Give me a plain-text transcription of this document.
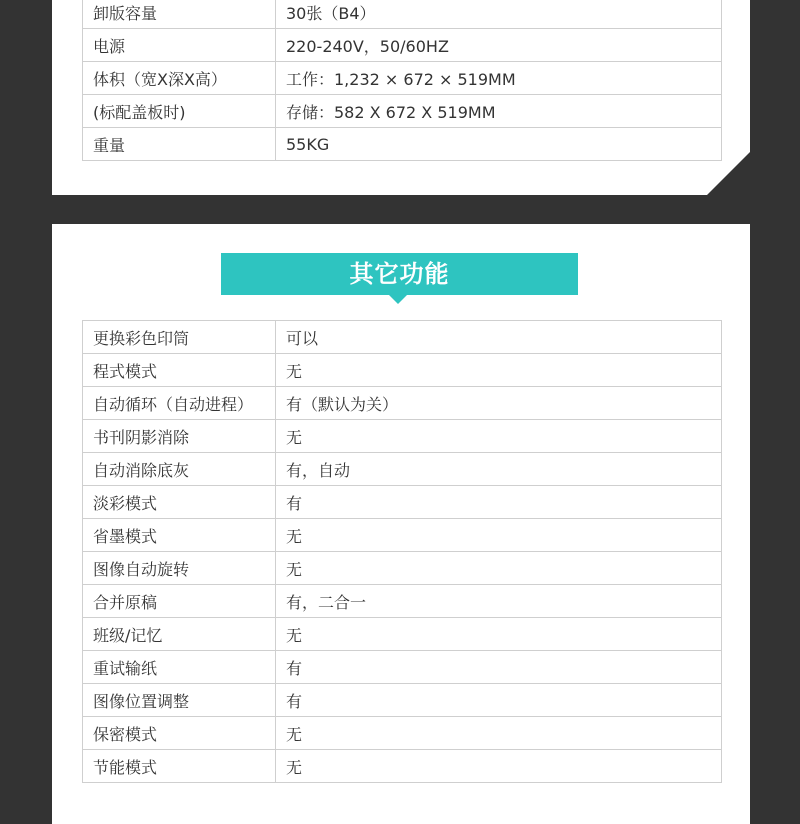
卸版容量	30张（B4）
电源	220-240V，50/60HZ
体积（宽X深X高）	工作：1,232 × 672 × 519MM
(标配盖板时)	存储：582 X 672 X 519MM
重量	55KG
其它功能
更换彩色印筒	可以
程式模式	无
自动循环（自动进程）	有（默认为关）
书刊阴影消除	无
自动消除底灰	有，自动
淡彩模式	有
省墨模式	无
图像自动旋转	无
合并原稿	有，二合一
班级/记忆	无
重试输纸	有
图像位置调整	有
保密模式	无
节能模式	无
